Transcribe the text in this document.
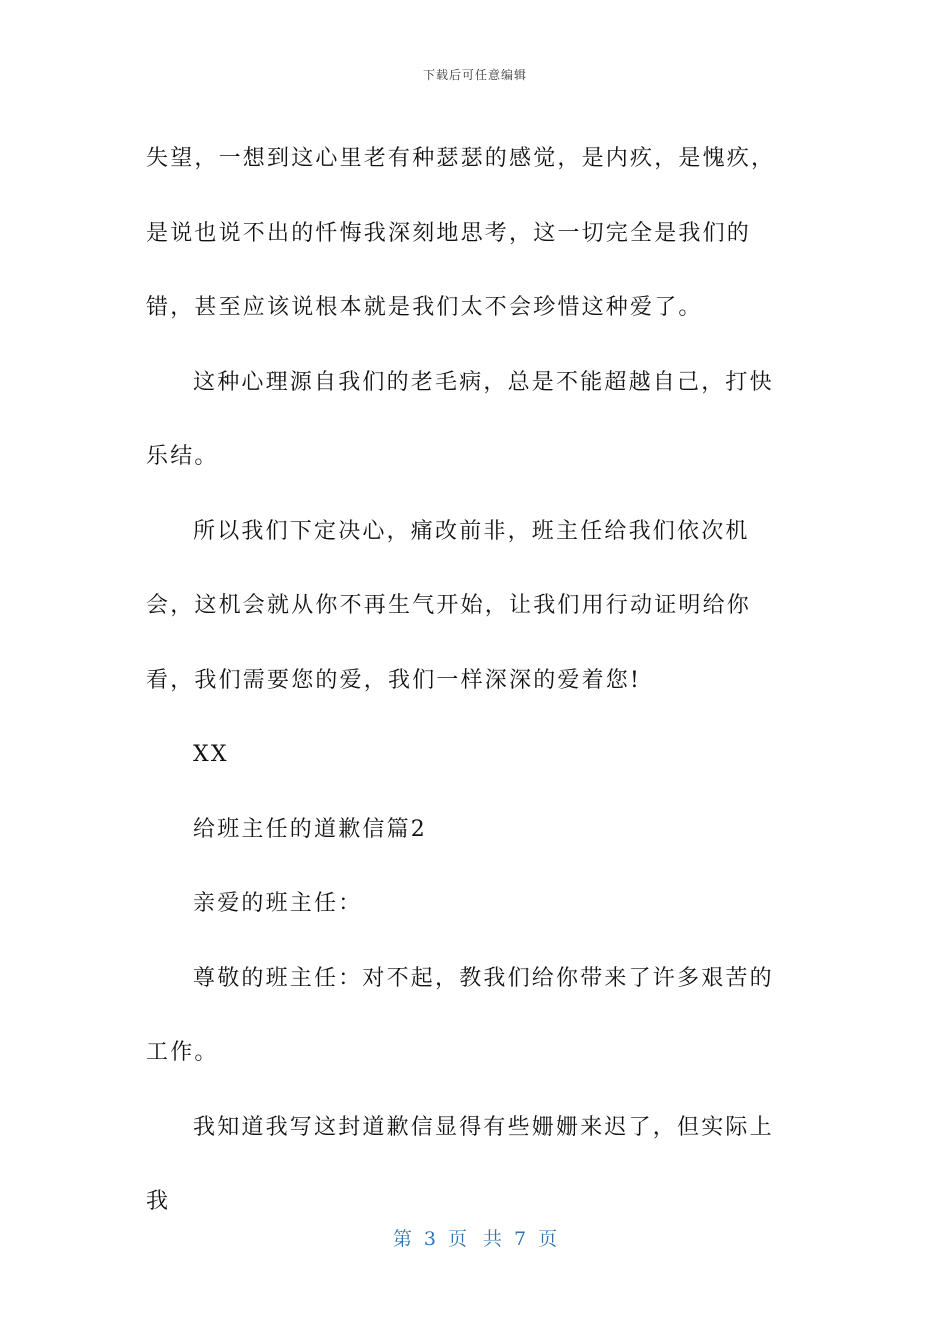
下载后可任意编辑

失望，一想到这心里老有种瑟瑟的感觉，是内疚，是愧疚，是说也说不出的忏悔我深刻地思考，这一切完全是我们的错，甚至应该说根本就是我们太不会珍惜这种爱了。

这种心理源自我们的老毛病，总是不能超越自己，打快乐结。

所以我们下定决心，痛改前非，班主任给我们依次机会，这机会就从你不再生气开始，让我们用行动证明给你看，我们需要您的爱，我们一样深深的爱着您!

XX

给班主任的道歉信篇2

亲爱的班主任：

尊敬的班主任：对不起，教我们给你带来了许多艰苦的工作。

我知道我写这封道歉信显得有些姗姗来迟了，但实际上我

第 3 页 共 7 页
